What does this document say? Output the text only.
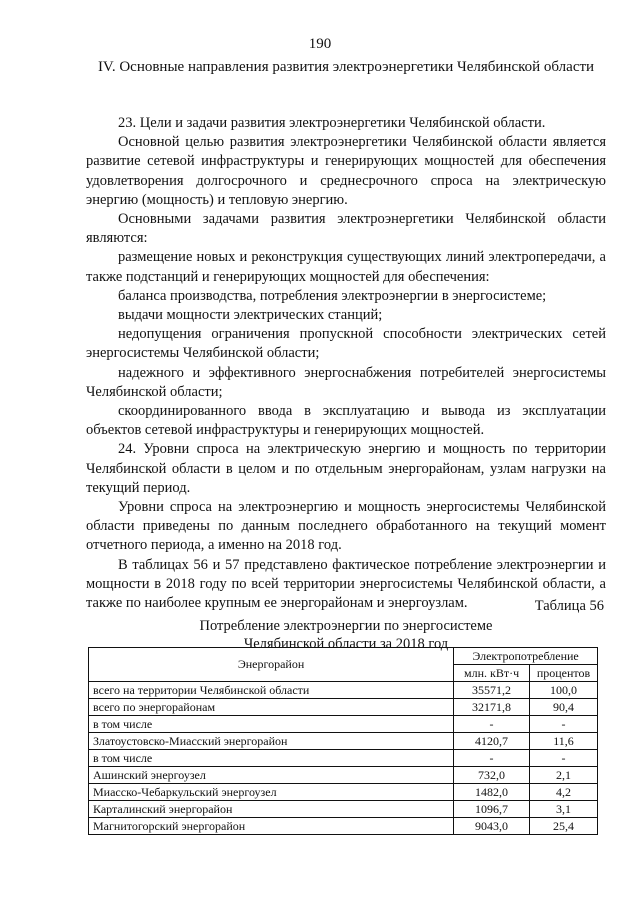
190
IV. Основные направления развития электроэнергетики Челябинской области

23. Цели и задачи развития электроэнергетики Челябинской области.

Основной целью развития электроэнергетики Челябинской области является развитие сетевой инфраструктуры и генерирующих мощностей для обеспечения удовлетворения долгосрочного и среднесрочного спроса на электрическую энергию (мощность) и тепловую энергию.

Основными задачами развития электроэнергетики Челябинской области являются:

размещение новых и реконструкция существующих линий электропередачи, а также подстанций и генерирующих мощностей для обеспечения:

баланса производства, потребления электроэнергии в энергосистеме;

выдачи мощности электрических станций;

недопущения ограничения пропускной способности электрических сетей энергосистемы Челябинской области;

надежного и эффективного энергоснабжения потребителей энергосистемы Челябинской области;

скоординированного ввода в эксплуатацию и вывода из эксплуатации объектов сетевой инфраструктуры и генерирующих мощностей.

24. Уровни спроса на электрическую энергию и мощность по территории Челябинской области в целом и по отдельным энергорайонам, узлам нагрузки на текущий период.

Уровни спроса на электроэнергию и мощность энергосистемы Челябинской области приведены по данным последнего обработанного на текущий момент отчетного периода, а именно на 2018 год.

В таблицах 56 и 57 представлено фактическое потребление электроэнергии и мощности в 2018 году по всей территории энергосистемы Челябинской области, а также по наиболее крупным ее энергорайонам и энергоузлам.	Таблица 56
Потребление электроэнергии по энергосистеме
Челябинской области за 2018 год
Энергорайон	Электропотребление	
	млн. кВт·ч	процентов
всего на территории Челябинской области	35571,2	100,0
всего по энергорайонам	32171,8	90,4
в том числе	-	-
Златоустовско-Миасский энергорайон	4120,7	11,6
в том числе	-	-
Ашинский энергоузел	732,0	2,1
Миасско-Чебаркульский энергоузел	1482,0	4,2
Карталинский энергорайон	1096,7	3,1
Магнитогорский энергорайон	9043,0	25,4
